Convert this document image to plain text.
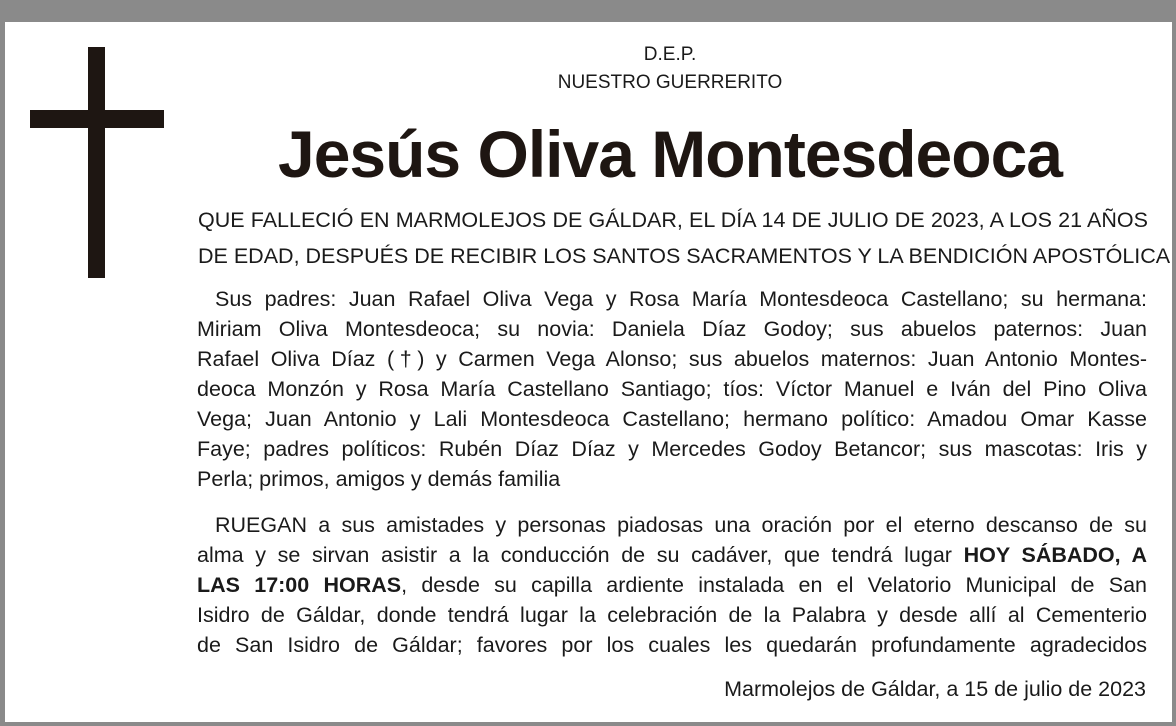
D.E.P.
NUESTRO GUERRERITO
Jesús Oliva Montesdeoca
QUE FALLECIÓ EN MARMOLEJOS DE GÁLDAR, EL DÍA 14 DE JULIO DE 2023, A LOS 21 AÑOS
DE EDAD, DESPUÉS DE RECIBIR LOS SANTOS SACRAMENTOS Y LA BENDICIÓN APOSTÓLICA
Sus padres: Juan Rafael Oliva Vega y Rosa María Montesdeoca Castellano; su hermana:
Miriam Oliva Montesdeoca; su novia: Daniela Díaz Godoy; sus abuelos paternos: Juan
Rafael Oliva Díaz (†) y Carmen Vega Alonso; sus abuelos maternos: Juan Antonio Montes-
deoca Monzón y Rosa María Castellano Santiago; tíos: Víctor Manuel e Iván del Pino Oliva
Vega; Juan Antonio y Lali Montesdeoca Castellano; hermano político: Amadou Omar Kasse
Faye; padres políticos: Rubén Díaz Díaz y Mercedes Godoy Betancor; sus mascotas: Iris y
Perla; primos, amigos y demás familia
RUEGAN a sus amistades y personas piadosas una oración por el eterno descanso de su
alma y se sirvan asistir a la conducción de su cadáver, que tendrá lugar HOY SÁBADO, A
LAS 17:00 HORAS, desde su capilla ardiente instalada en el Velatorio Municipal de San
Isidro de Gáldar, donde tendrá lugar la celebración de la Palabra y desde allí al Cementerio
de San Isidro de Gáldar; favores por los cuales les quedarán profundamente agradecidos
Marmolejos de Gáldar, a 15 de julio de 2023
